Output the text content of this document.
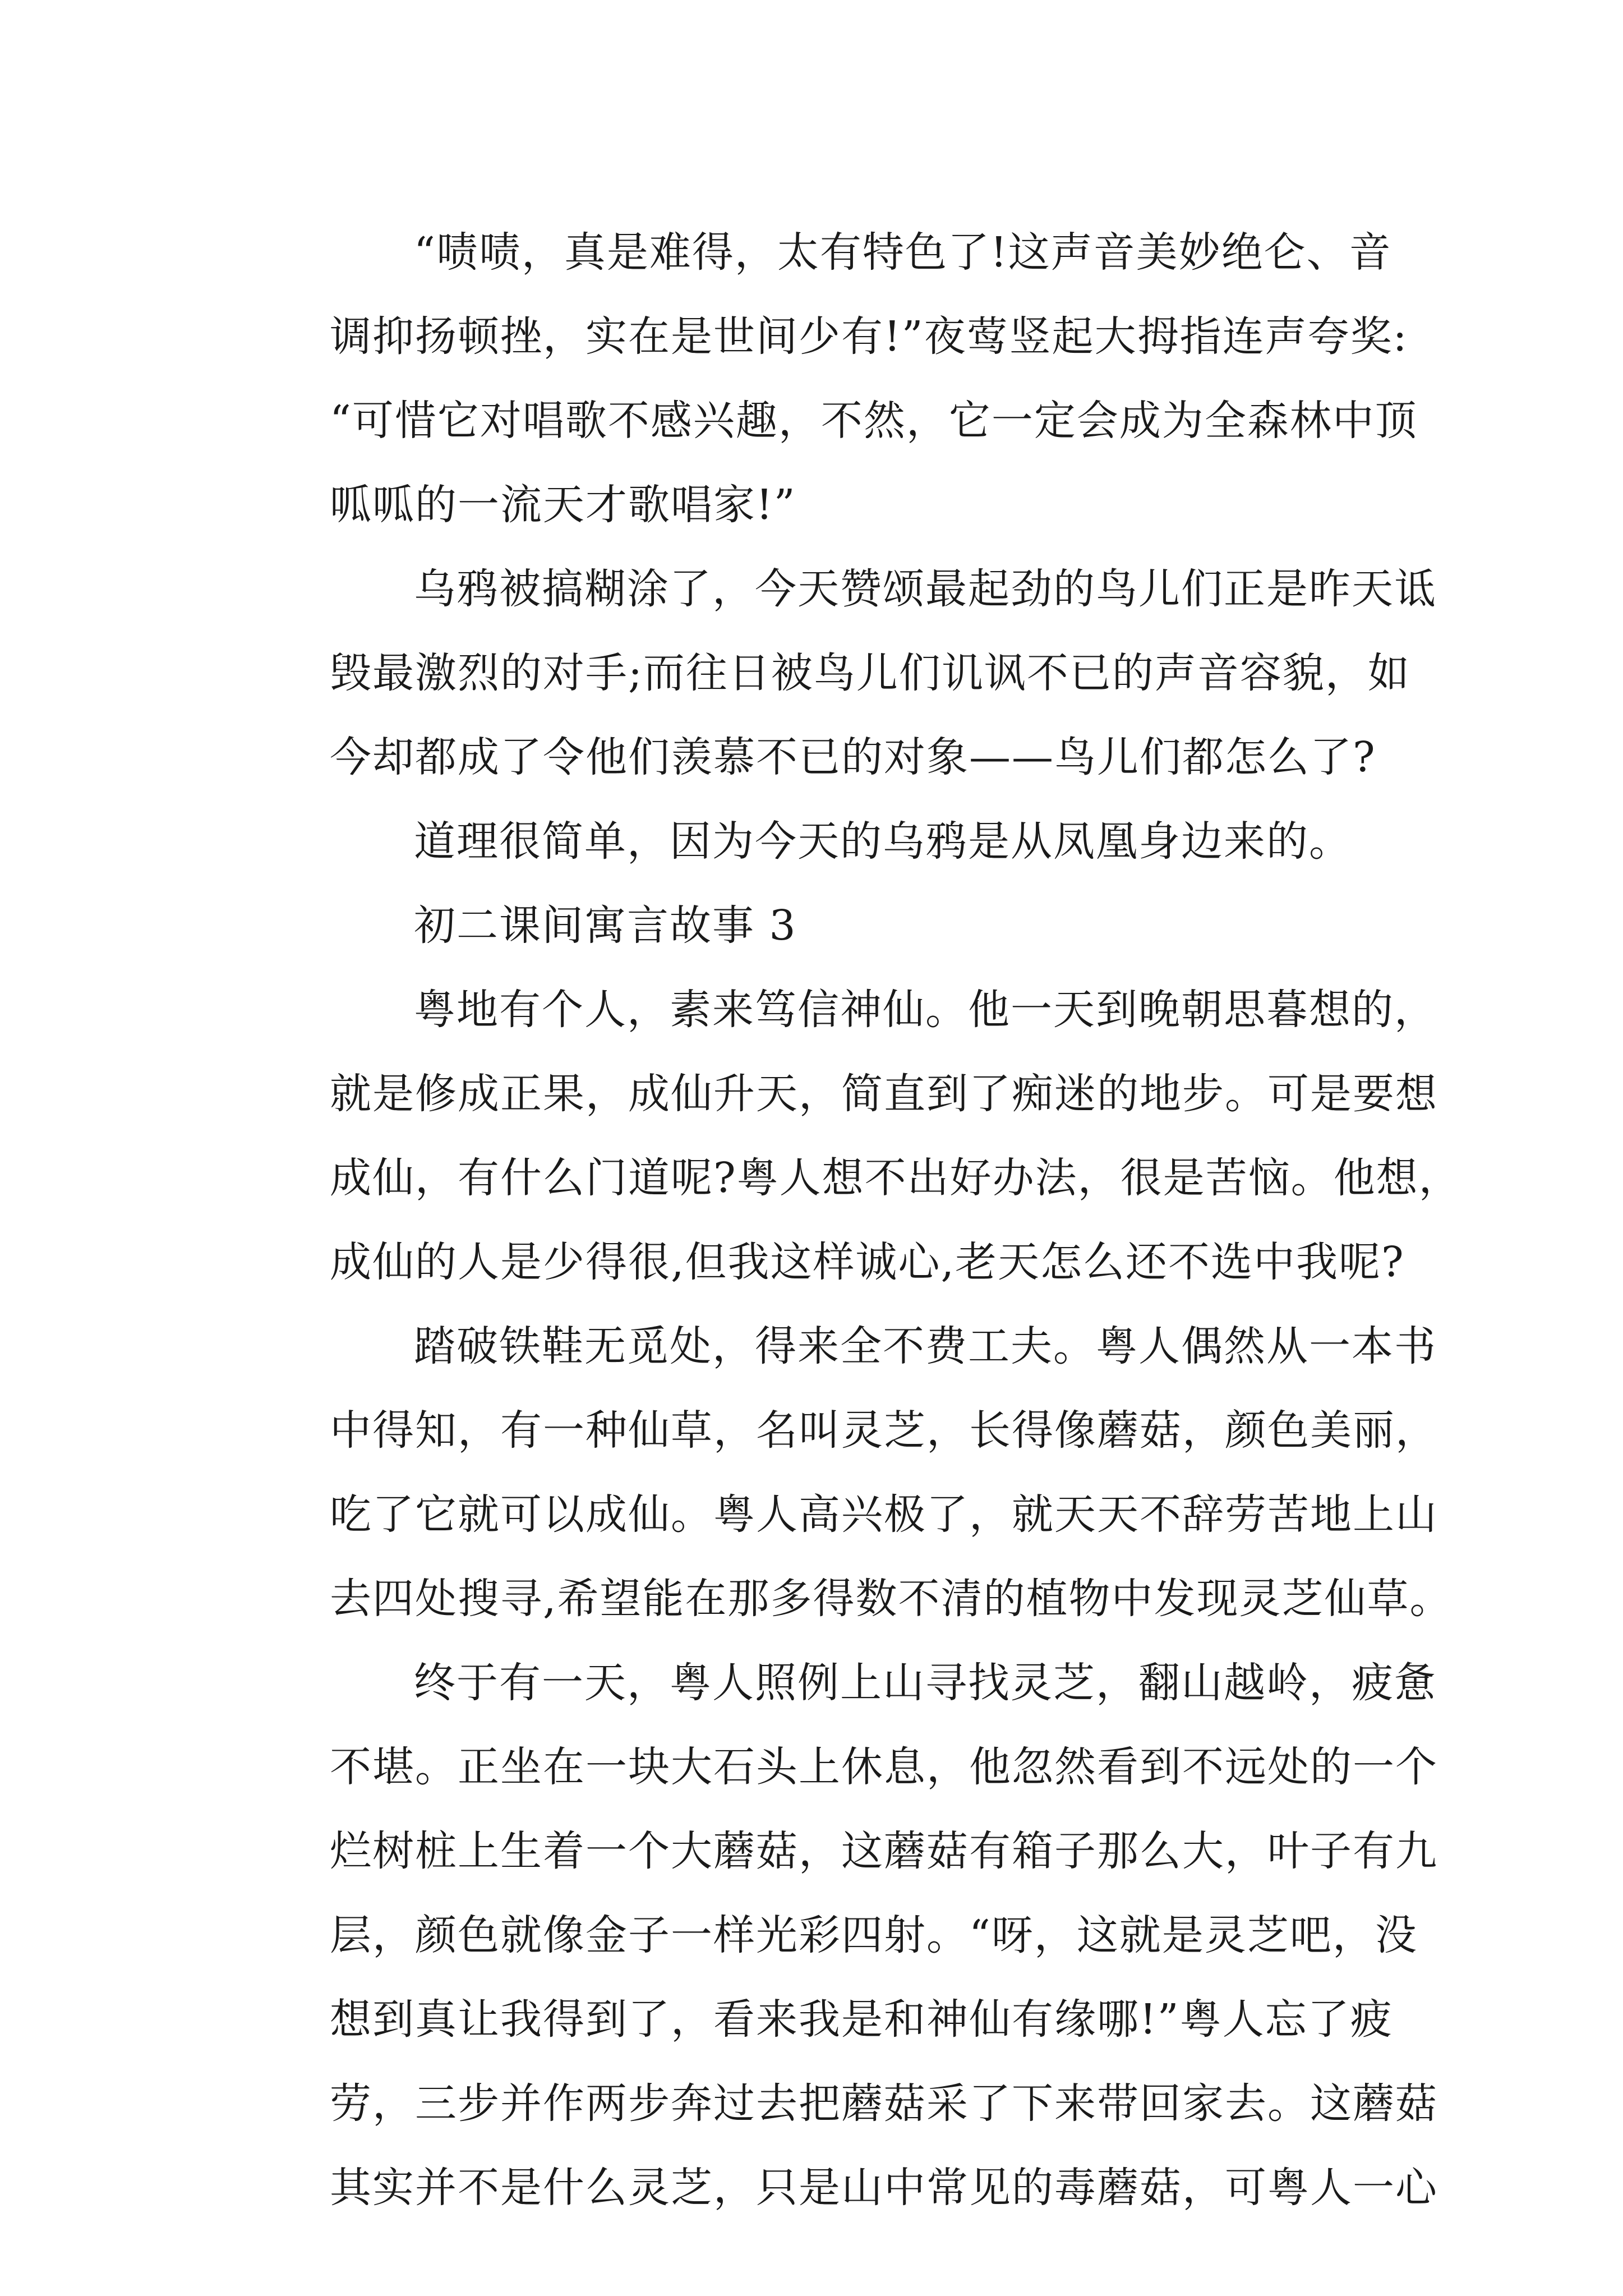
“啧啧，真是难得，太有特色了!这声音美妙绝仑、音
调抑扬顿挫，实在是世间少有!”夜莺竖起大拇指连声夸奖:
“可惜它对唱歌不感兴趣，不然，它一定会成为全森林中顶
呱呱的一流天才歌唱家!”
乌鸦被搞糊涂了，今天赞颂最起劲的鸟儿们正是昨天诋
毁最激烈的对手;而往日被鸟儿们讥讽不已的声音容貌，如
今却都成了令他们羡慕不已的对象——鸟儿们都怎么了?
道理很简单，因为今天的乌鸦是从凤凰身边来的。
初二课间寓言故事 3
粤地有个人，素来笃信神仙。他一天到晚朝思暮想的，
就是修成正果，成仙升天，简直到了痴迷的地步。可是要想
成仙，有什么门道呢?粤人想不出好办法，很是苦恼。他想，
成仙的人是少得很,但我这样诚心,老天怎么还不选中我呢?
踏破铁鞋无觅处，得来全不费工夫。粤人偶然从一本书
中得知，有一种仙草，名叫灵芝，长得像蘑菇，颜色美丽，
吃了它就可以成仙。粤人高兴极了，就天天不辞劳苦地上山
去四处搜寻,希望能在那多得数不清的植物中发现灵芝仙草。
终于有一天，粤人照例上山寻找灵芝，翻山越岭，疲惫
不堪。正坐在一块大石头上休息，他忽然看到不远处的一个
烂树桩上生着一个大蘑菇，这蘑菇有箱子那么大，叶子有九
层，颜色就像金子一样光彩四射。“呀，这就是灵芝吧，没
想到真让我得到了，看来我是和神仙有缘哪!”粤人忘了疲
劳，三步并作两步奔过去把蘑菇采了下来带回家去。这蘑菇
其实并不是什么灵芝，只是山中常见的毒蘑菇，可粤人一心
